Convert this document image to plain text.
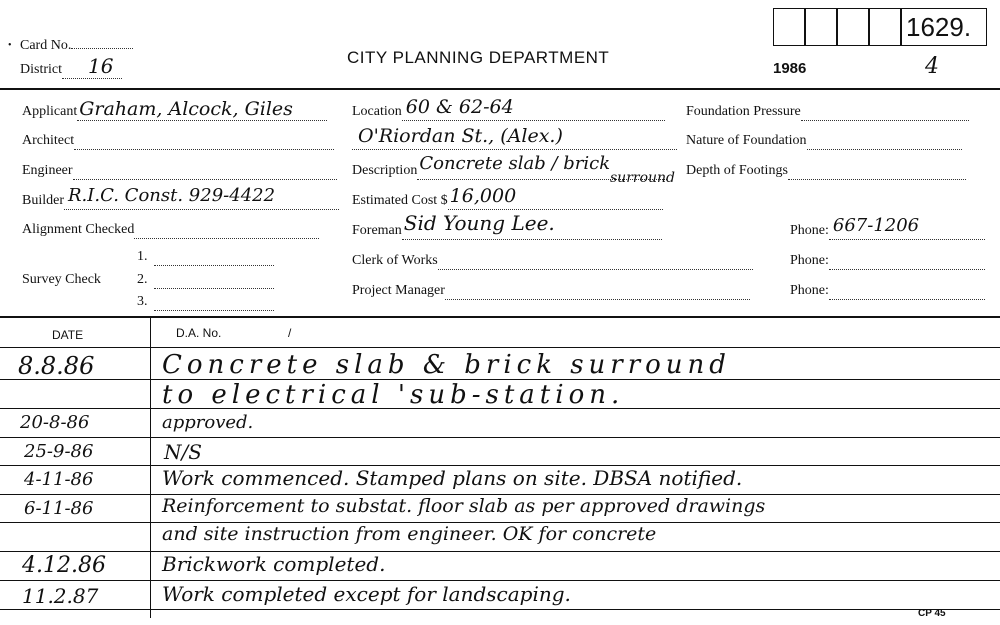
1629.
• Card No.
District 16
	CITY PLANNING DEPARTMENT
1986	4
Applicant Graham, Alcock, Giles

Architect
Engineer
Builder R.I.C. Const. 929-4422

Alignment Checked
Survey Check
1.
2.
3.
Location 60 & 62-64

O'Riordan St., (Alex.)

Description Concrete slab / brick

surround
Estimated Cost $ 16,000

Foreman Sid Young Lee.

Clerk of Works
Project Manager
Foundation Pressure
Nature of Foundation
Depth of Footings
Phone: 667-1206

Phone:
Phone:
DATE	D.A. No.	/
8.8.86	Concrete slab & brick surround
to electrical 'sub-station.
20-8-86	approved.
25-9-86	N/S
4-11-86	Work commenced. Stamped plans on site. DBSA notified.
6-11-86	Reinforcement to substat. floor slab as per approved drawings
and site instruction from engineer. OK for concrete
4.12.86	Brickwork completed.
11.2.87	Work completed except for landscaping.
CP 45
